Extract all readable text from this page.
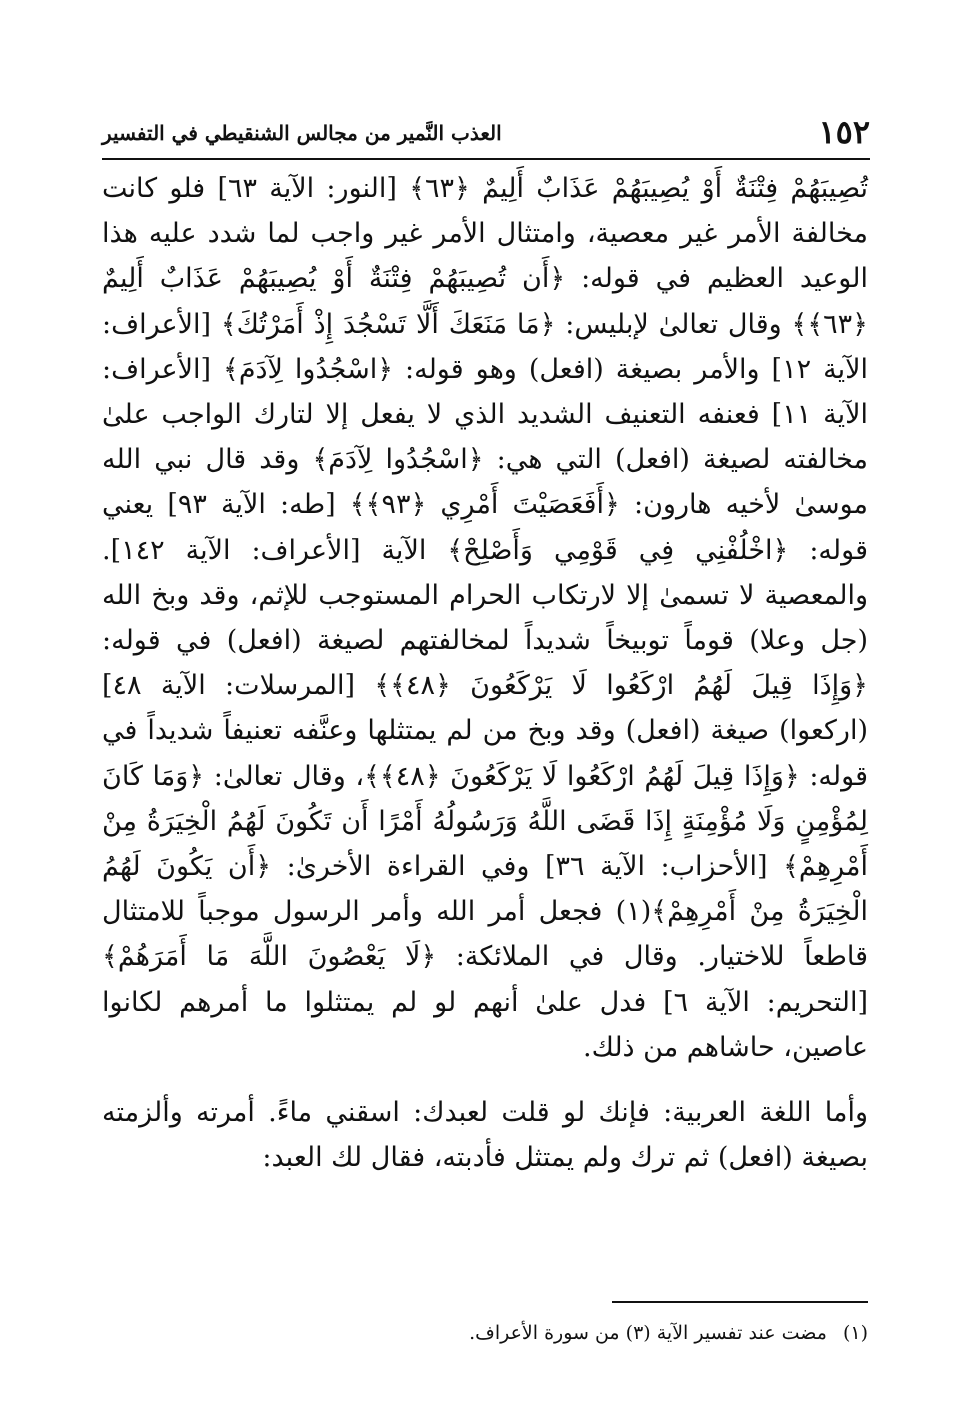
١٥٢
العذب النَّمير من مجالس الشنقيطي في التفسير

تُصِيبَهُمْ فِتْنَةٌ أَوْ يُصِيبَهُمْ عَذَابٌ أَلِيمٌ ﴿٦٣﴾ [النور: الآية ٦٣] فلو كانت مخالفة الأمر غير معصية، وامتثال الأمر غير واجب لما شدد عليه هذا الوعيد العظيم في قوله: ﴿أَن تُصِيبَهُمْ فِتْنَةٌ أَوْ يُصِيبَهُمْ عَذَابٌ أَلِيمٌ ﴿٦٣﴾﴾ وقال تعالىٰ لإبليس: ﴿مَا مَنَعَكَ أَلَّا تَسْجُدَ إِذْ أَمَرْتُكَ﴾ [الأعراف: الآية ١٢] والأمر بصيغة (افعل) وهو قوله: ﴿اسْجُدُوا لِآدَمَ﴾ [الأعراف: الآية ١١] فعنفه التعنيف الشديد الذي لا يفعل إلا لتارك الواجب علىٰ مخالفته لصيغة (افعل) التي هي: ﴿اسْجُدُوا لِآدَمَ﴾ وقد قال نبي الله موسىٰ لأخيه هارون: ﴿أَفَعَصَيْتَ أَمْرِي ﴿٩٣﴾﴾ [طه: الآية ٩٣] يعني قوله: ﴿اخْلُفْنِي فِي قَوْمِي وَأَصْلِحْ﴾ الآية [الأعراف: الآية ١٤٢]. والمعصية لا تسمىٰ إلا لارتكاب الحرام المستوجب للإثم، وقد وبخ الله (جل وعلا) قوماً توبيخاً شديداً لمخالفتهم لصيغة (افعل) في قوله: ﴿وَإِذَا قِيلَ لَهُمُ ارْكَعُوا لَا يَرْكَعُونَ ﴿٤٨﴾﴾ [المرسلات: الآية ٤٨] (اركعوا) صيغة (افعل) وقد وبخ من لم يمتثلها وعنَّفه تعنيفاً شديداً في قوله: ﴿وَإِذَا قِيلَ لَهُمُ ارْكَعُوا لَا يَرْكَعُونَ ﴿٤٨﴾﴾، وقال تعالىٰ: ﴿وَمَا كَانَ لِمُؤْمِنٍ وَلَا مُؤْمِنَةٍ إِذَا قَضَى اللَّهُ وَرَسُولُهُ أَمْرًا أَن تَكُونَ لَهُمُ الْخِيَرَةُ مِنْ أَمْرِهِمْ﴾ [الأحزاب: الآية ٣٦] وفي القراءة الأخرىٰ: ﴿أَن يَكُونَ لَهُمُ الْخِيَرَةُ مِنْ أَمْرِهِمْ﴾(١) فجعل أمر الله وأمر الرسول موجباً للامتثال قاطعاً للاختيار. وقال في الملائكة: ﴿لَا يَعْصُونَ اللَّهَ مَا أَمَرَهُمْ﴾ [التحريم: الآية ٦] فدل علىٰ أنهم لو لم يمتثلوا ما أمرهم لكانوا عاصين، حاشاهم من ذلك.

وأما اللغة العربية: فإنك لو قلت لعبدك: اسقني ماءً. أمرته وألزمته بصيغة (افعل) ثم ترك ولم يمتثل فأدبته، فقال لك العبد:

(١) مضت عند تفسير الآية (٣) من سورة الأعراف.
